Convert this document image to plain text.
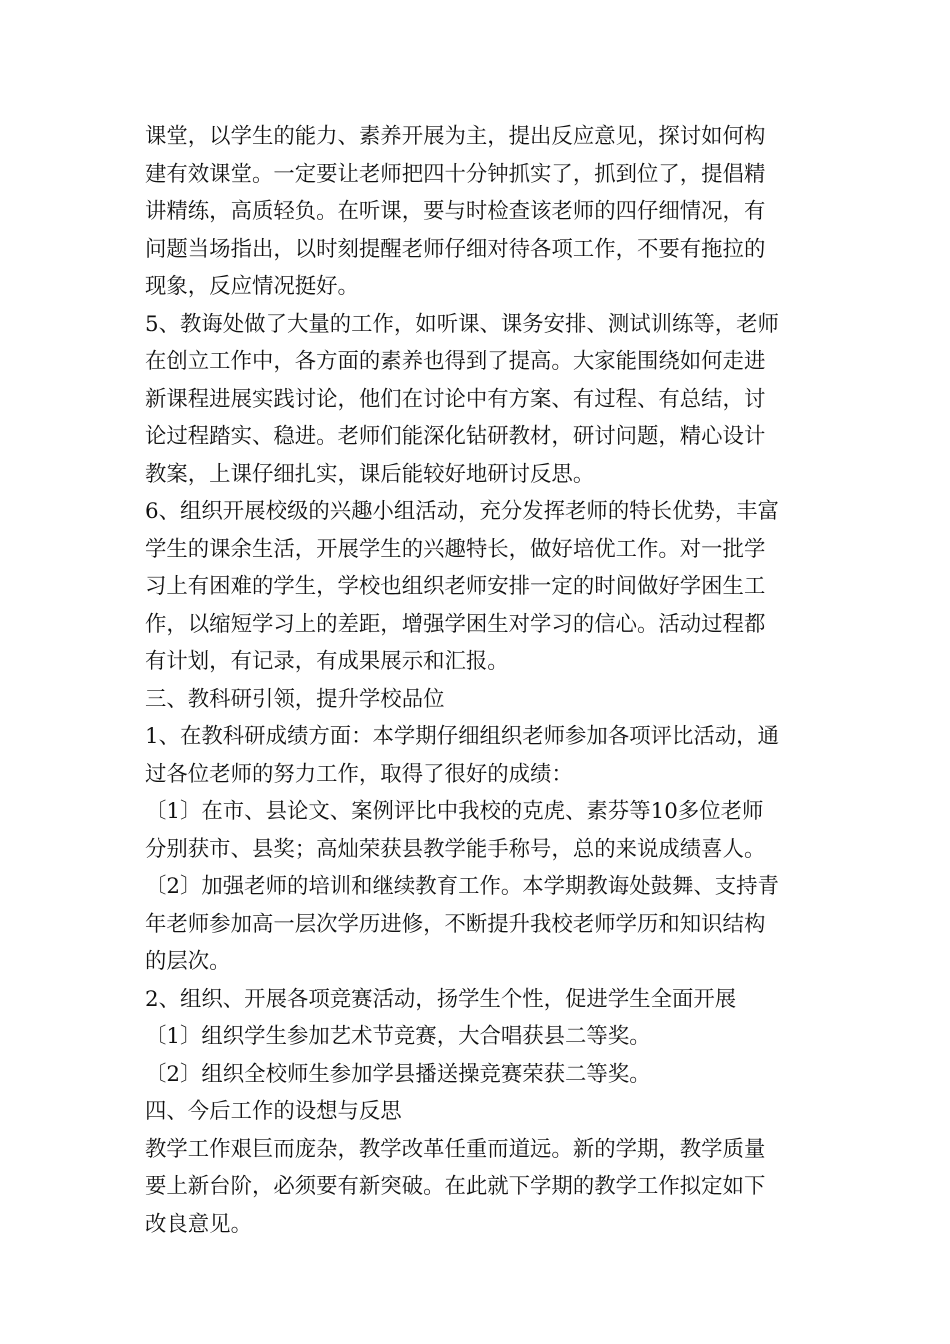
课堂，以学生的能力、素养开展为主，提出反应意见，探讨如何构
建有效课堂。一定要让老师把四十分钟抓实了，抓到位了，提倡精
讲精练，高质轻负。在听课，要与时检查该老师的四仔细情况，有
问题当场指出，以时刻提醒老师仔细对待各项工作，不要有拖拉的
现象，反应情况挺好。
5、教诲处做了大量的工作，如听课、课务安排、测试训练等，老师
在创立工作中，各方面的素养也得到了提高。大家能围绕如何走进
新课程进展实践讨论，他们在讨论中有方案、有过程、有总结，讨
论过程踏实、稳进。老师们能深化钻研教材，研讨问题，精心设计
教案，上课仔细扎实，课后能较好地研讨反思。
6、组织开展校级的兴趣小组活动，充分发挥老师的特长优势，丰富
学生的课余生活，开展学生的兴趣特长，做好培优工作。对一批学
习上有困难的学生，学校也组织老师安排一定的时间做好学困生工
作，以缩短学习上的差距，增强学困生对学习的信心。活动过程都
有计划，有记录，有成果展示和汇报。
三、教科研引领，提升学校品位
1、在教科研成绩方面：本学期仔细组织老师参加各项评比活动，通
过各位老师的努力工作，取得了很好的成绩：
〔1〕在市、县论文、案例评比中我校的克虎、素芬等10多位老师
分别获市、县奖；高灿荣获县教学能手称号，总的来说成绩喜人。
〔2〕加强老师的培训和继续教育工作。本学期教诲处鼓舞、支持青
年老师参加高一层次学历进修，不断提升我校老师学历和知识结构
的层次。
2、组织、开展各项竞赛活动，扬学生个性，促进学生全面开展
〔1〕组织学生参加艺术节竞赛，大合唱获县二等奖。
〔2〕组织全校师生参加学县播送操竞赛荣获二等奖。
四、今后工作的设想与反思
教学工作艰巨而庞杂，教学改革任重而道远。新的学期，教学质量
要上新台阶，必须要有新突破。在此就下学期的教学工作拟定如下
改良意见。
